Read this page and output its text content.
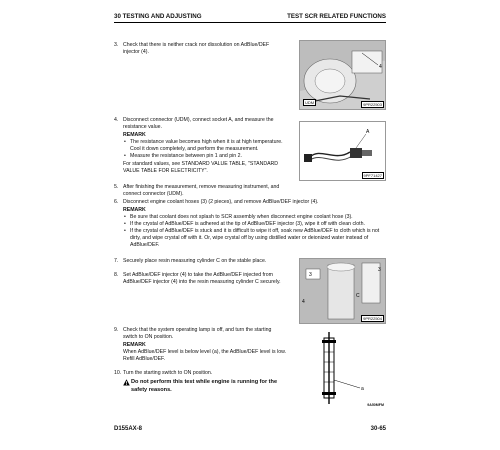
30 TESTING AND ADJUSTING	TEST SCR RELATED FUNCTIONS
3. Check that there is neither crack nor dissolution on AdBlue/DEF injector (4).
4
UDM	9PR22503
4. Disconnect connector (UDM), connect socket A, and measure the resistance value.
REMARK
• The resistance value becomes high when it is at high temperature. Cool it down completely, and perform the measurement.
• Measure the resistance between pin 1 and pin 2.
For standard values, see STANDARD VALUE TABLE, "STANDARD VALUE TABLE FOR ELECTRICITY".
A
9PF71427
5. After finishing the measurement, remove measuring instrument, and connect connector (UDM).
6. Disconnect engine coolant hoses (3) (2 pieces), and remove AdBlue/DEF injector (4).
REMARK
• Be sure that coolant does not splash to SCR assembly when disconnect engine coolant hose (3).
• If the crystal of AdBlue/DEF is adhered at the tip of AdBlue/DEF injector (3), wipe it off with clean cloth.
• If the crystal of AdBlue/DEF is stuck and it is difficult to wipe it off, soak new AdBlue/DEF to cloth which is not dirty, and wipe crystal off with it. Or, wipe crystal off by using distilled water or deionized water instead of AdBlue/DEF.
7. Securely place resin measuring cylinder C on the stable place.
8. Set AdBlue/DEF injector (4) to take the AdBlue/DEF injected from AdBlue/DEF injector (4) into the resin measuring cylinder C securely.
3
3
4
C
9PR22504
9. Check that the system operating lamp is off, and turn the starting switch to ON position.
REMARK
When AdBlue/DEF level is below level (a), the AdBlue/DEF level is low. Refill AdBlue/DEF.
10. Turn the starting switch to ON position.
Do not perform this test while engine is running for the safety reasons.	a
9A50MFM
D155AX-8	30-65
